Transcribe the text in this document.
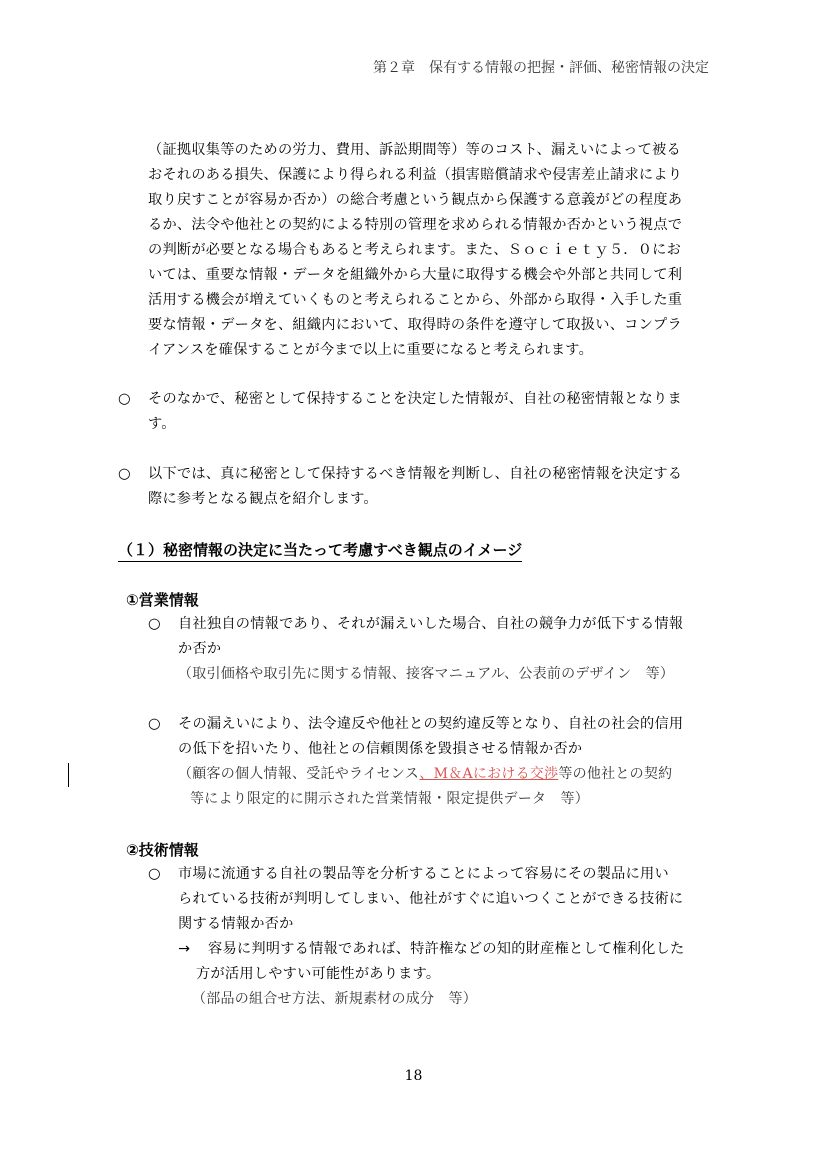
第２章　保有する情報の把握・評価、秘密情報の決定
（証拠収集等のための労力、費用、訴訟期間等）等のコスト、漏えいによって被る
おそれのある損失、保護により得られる利益（損害賠償請求や侵害差止請求により
取り戻すことが容易か否か）の総合考慮という観点から保護する意義がどの程度あ
るか、法令や他社との契約による特別の管理を求められる情報か否かという視点で
の判断が必要となる場合もあると考えられます。また、Ｓｏｃｉｅｔｙ５．０にお
いては、重要な情報・データを組織外から大量に取得する機会や外部と共同して利
活用する機会が増えていくものと考えられることから、外部から取得・入手した重
要な情報・データを、組織内において、取得時の条件を遵守して取扱い、コンプラ
イアンスを確保することが今まで以上に重要になると考えられます。
○ そのなかで、秘密として保持することを決定した情報が、自社の秘密情報となりま
す。
○ 以下では、真に秘密として保持するべき情報を判断し、自社の秘密情報を決定する
際に参考となる観点を紹介します。
（１）秘密情報の決定に当たって考慮すべき観点のイメージ
①営業情報
○ 自社独自の情報であり、それが漏えいした場合、自社の競争力が低下する情報
か否か
（取引価格や取引先に関する情報、接客マニュアル、公表前のデザイン　等）
○ その漏えいにより、法令違反や他社との契約違反等となり、自社の社会的信用
の低下を招いたり、他社との信頼関係を毀損させる情報か否か
（顧客の個人情報、受託やライセンス、M＆Aにおける交渉等の他社との契約
等により限定的に開示された営業情報・限定提供データ　等）
②技術情報
○ 市場に流通する自社の製品等を分析することによって容易にその製品に用い
られている技術が判明してしまい、他社がすぐに追いつくことができる技術に
関する情報か否か
→ 容易に判明する情報であれば、特許権などの知的財産権として権利化した
方が活用しやすい可能性があります。
（部品の組合せ方法、新規素材の成分　等）
18
